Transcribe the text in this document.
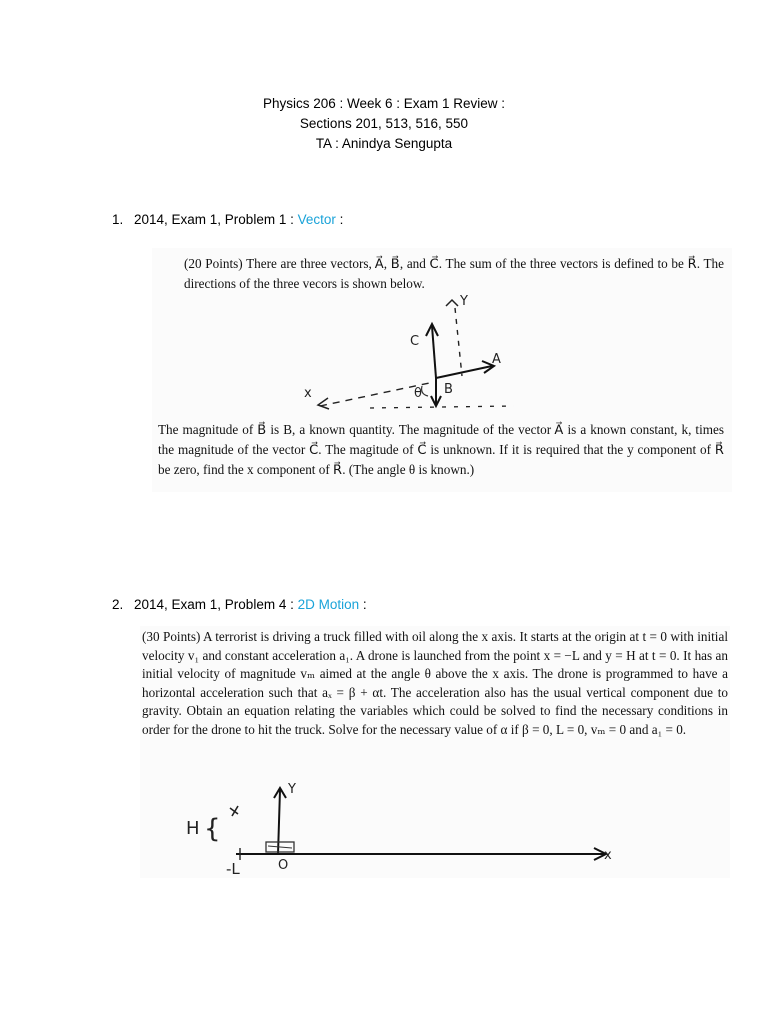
Physics 206 : Week 6 : Exam 1 Review :
Sections 201, 513, 516, 550
TA : Anindya Sengupta
1. 2014, Exam 1, Problem 1 : Vector :

(20 Points) There are three vectors, A⃗, B⃗, and C⃗. The sum of the three vectors is defined to be R⃗. The directions of the three vecors is shown below.

Y
C
A
B
θ
x

The magnitude of B⃗ is B, a known quantity. The magnitude of the vector A⃗ is a known constant, k, times the magnitude of the vector C⃗. The magitude of C⃗ is unknown. If it is required that the y component of R⃗ be zero, find the x component of R⃗. (The angle θ is known.)

2. 2014, Exam 1, Problem 4 : 2D Motion :

(30 Points) A terrorist is driving a truck filled with oil along the x axis. It starts at the origin at t = 0 with initial velocity v₁ and constant acceleration a₁. A drone is launched from the point x = −L and y = H at t = 0. It has an initial velocity of magnitude vₘ aimed at the angle θ above the x axis. The drone is programmed to have a horizontal acceleration such that aₓ = β + αt. The acceleration also has the usual vertical component due to gravity. Obtain an equation relating the variables which could be solved to find the necessary conditions in order for the drone to hit the truck. Solve for the necessary value of α if β = 0, L = 0, vₘ = 0 and a₁ = 0.

H {
-L	O
Y
x
